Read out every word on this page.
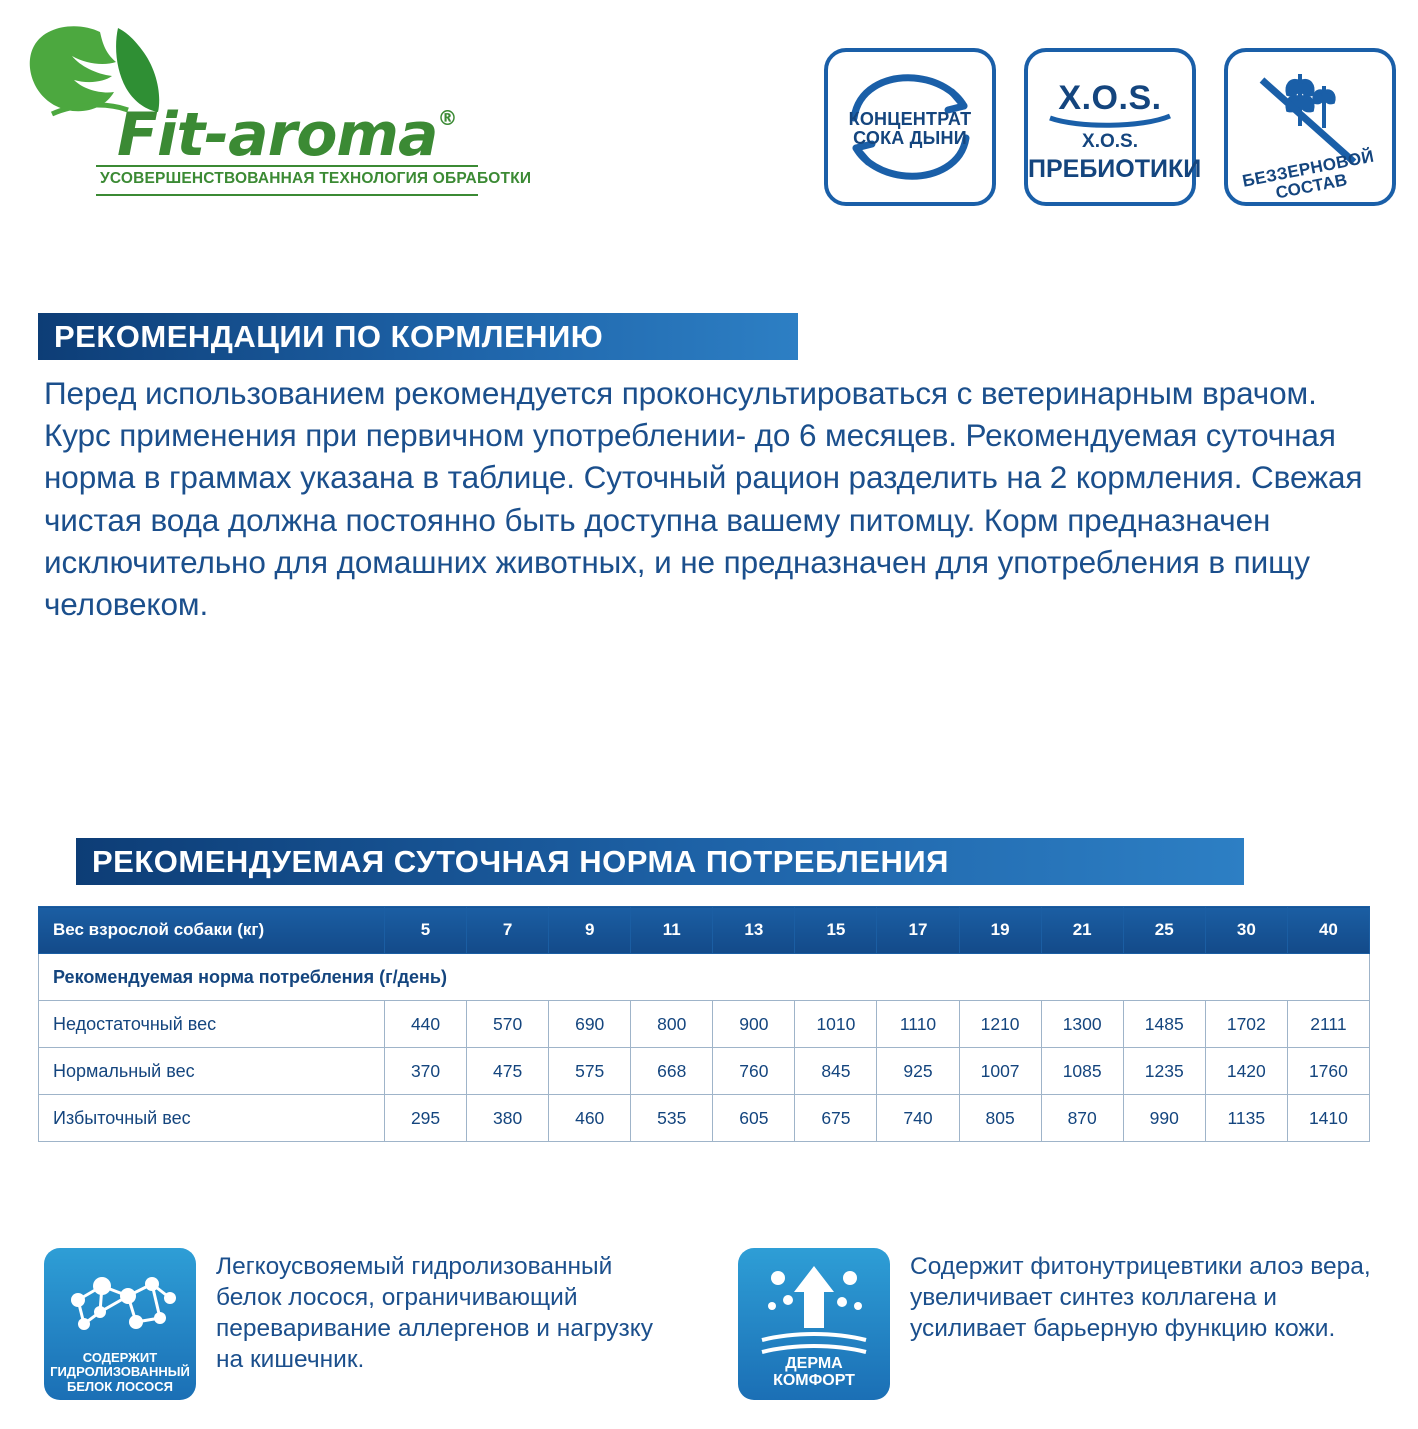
Fit-aroma®
УСОВЕРШЕНСТВОВАННАЯ ТЕХНОЛОГИЯ ОБРАБОТКИ
КОНЦЕНТРАТ
СОКА ДЫНИ
X.O.S.
X.O.S.
ПРЕБИОТИКИ	БЕЗЗЕРНОВОЙ СОСТАВ
РЕКОМЕНДАЦИИ ПО КОРМЛЕНИЮ
Перед использованием рекомендуется проконсультироваться с ветеринарным врачом. Курс применения при первичном употреблении- до 6 месяцев. Рекомендуемая суточная норма в граммах указана в таблице. Суточный рацион разделить на 2 кормления. Свежая чистая вода должна постоянно быть доступна вашему питомцу. Корм предназначен исключительно для домашних животных, и не предназначен для употребления в пищу человеком.
РЕКОМЕНДУЕМАЯ СУТОЧНАЯ НОРМА ПОТРЕБЛЕНИЯ
Вес взрослой собаки (кг)	5	7	9	11	13	15	17	19	21	25	30	40
Рекомендуемая норма потребления (г/день)												
Недостаточный вес	440	570	690	800	900	1010	1110	1210	1300	1485	1702	2111
Нормальный вес	370	475	575	668	760	845	925	1007	1085	1235	1420	1760
Избыточный вес	295	380	460	535	605	675	740	805	870	990	1135	1410
СОДЕРЖИТ
ГИДРОЛИЗОВАННЫЙ
БЕЛОК ЛОСОСЯ
Легкоусвояемый гидролизованный белок лосося, ограничивающий переваривание аллергенов и нагрузку на кишечник.	ДЕРМА
КОМФОРТ
Содержит фитонутрицевтики алоэ вера, увеличивает синтез коллагена и усиливает барьерную функцию кожи.
